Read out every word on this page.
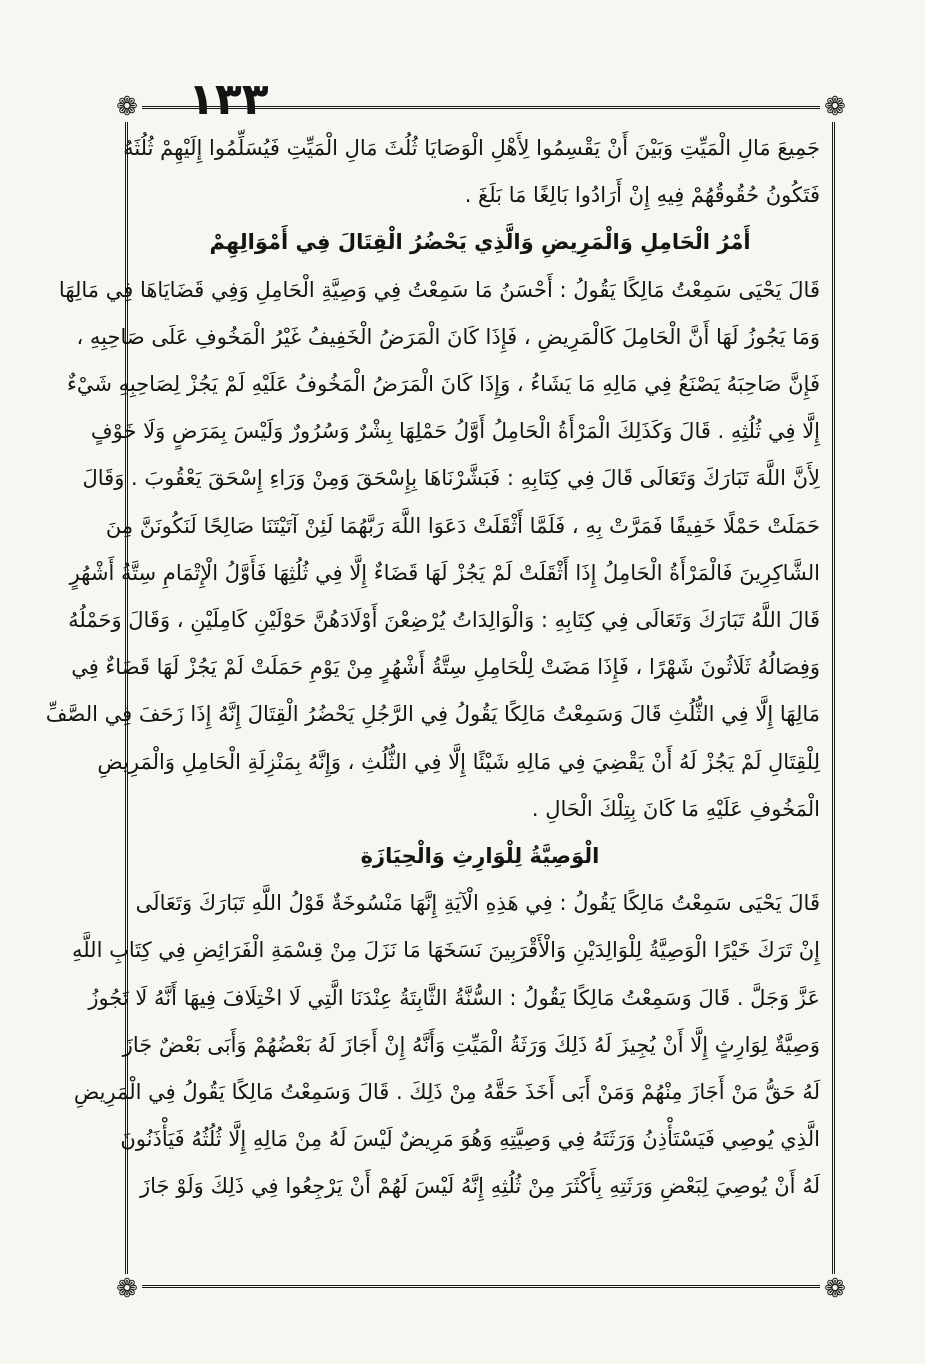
١٣٣
❁	❁
❁	❁
جَمِيعَ مَالِ الْمَيِّتِ وَبَيْنَ أَنْ يَقْسِمُوا لِأَهْلِ الْوَصَايَا ثُلُثَ مَالِ الْمَيِّتِ فَيُسَلِّمُوا إِلَيْهِمْ ثُلُثَهُ
فَتَكُونُ حُقُوقُهُمْ فِيهِ إِنْ أَرَادُوا بَالِغًا مَا بَلَغَ .
أَمْرُ الْحَامِلِ وَالْمَرِيضِ وَالَّذِي يَحْضُرُ الْقِتَالَ فِي أَمْوَالِهِمْ
قَالَ يَحْيَى سَمِعْتُ مَالِكًا يَقُولُ : أَحْسَنُ مَا سَمِعْتُ فِي وَصِيَّةِ الْحَامِلِ وَفِي قَضَايَاهَا فِي مَالِهَا
وَمَا يَجُوزُ لَهَا أَنَّ الْحَامِلَ كَالْمَرِيضِ ، فَإِذَا كَانَ الْمَرَضُ الْخَفِيفُ غَيْرُ الْمَخُوفِ عَلَى صَاحِبِهِ ،
فَإِنَّ صَاحِبَهُ يَصْنَعُ فِي مَالِهِ مَا يَشَاءُ ، وَإِذَا كَانَ الْمَرَضُ الْمَخُوفُ عَلَيْهِ لَمْ يَجُزْ لِصَاحِبِهِ شَيْءٌ
إِلَّا فِي ثُلُثِهِ . قَالَ وَكَذَلِكَ الْمَرْأَةُ الْحَامِلُ أَوَّلُ حَمْلِهَا بِشْرٌ وَسُرُورٌ وَلَيْسَ بِمَرَضٍ وَلَا خَوْفٍ
لِأَنَّ اللَّهَ تَبَارَكَ وَتَعَالَى قَالَ فِي كِتَابِهِ : فَبَشَّرْنَاهَا بِإِسْحَقَ وَمِنْ وَرَاءِ إِسْحَقَ يَعْقُوبَ . وَقَالَ
حَمَلَتْ حَمْلًا خَفِيفًا فَمَرَّتْ بِهِ ، فَلَمَّا أَثْقَلَتْ دَعَوَا اللَّهَ رَبَّهُمَا لَئِنْ آتَيْتَنَا صَالِحًا لَنَكُونَنَّ مِنَ
الشَّاكِرِينَ فَالْمَرْأَةُ الْحَامِلُ إِذَا أَثْقَلَتْ لَمْ يَجُزْ لَهَا قَضَاءٌ إِلَّا فِي ثُلُثِهَا فَأَوَّلُ الْإِتْمَامِ سِتَّةُ أَشْهُرٍ
قَالَ اللَّهُ تَبَارَكَ وَتَعَالَى فِي كِتَابِهِ : وَالْوَالِدَاتُ يُرْضِعْنَ أَوْلَادَهُنَّ حَوْلَيْنِ كَامِلَيْنِ ، وَقَالَ وَحَمْلُهُ
وَفِصَالُهُ ثَلَاثُونَ شَهْرًا ، فَإِذَا مَضَتْ لِلْحَامِلِ سِتَّةُ أَشْهُرٍ مِنْ يَوْمِ حَمَلَتْ لَمْ يَجُزْ لَهَا قَضَاءٌ فِي
مَالِهَا إِلَّا فِي الثُّلُثِ قَالَ وَسَمِعْتُ مَالِكًا يَقُولُ فِي الرَّجُلِ يَحْضُرُ الْقِتَالَ إِنَّهُ إِذَا زَحَفَ فِي الصَّفِّ
لِلْقِتَالِ لَمْ يَجُزْ لَهُ أَنْ يَقْضِيَ فِي مَالِهِ شَيْئًا إِلَّا فِي الثُّلُثِ ، وَإِنَّهُ بِمَنْزِلَةِ الْحَامِلِ وَالْمَرِيضِ
الْمَخُوفِ عَلَيْهِ مَا كَانَ بِتِلْكَ الْحَالِ .
الْوَصِيَّةُ لِلْوَارِثِ وَالْحِيَازَةِ
قَالَ يَحْيَى سَمِعْتُ مَالِكًا يَقُولُ : فِي هَذِهِ الْآيَةِ إِنَّهَا مَنْسُوخَةٌ قَوْلُ اللَّهِ تَبَارَكَ وَتَعَالَى
إِنْ تَرَكَ خَيْرًا الْوَصِيَّةُ لِلْوَالِدَيْنِ وَالْأَقْرَبِينَ نَسَخَهَا مَا نَزَلَ مِنْ قِسْمَةِ الْفَرَائِضِ فِي كِتَابِ اللَّهِ
عَزَّ وَجَلَّ . قَالَ وَسَمِعْتُ مَالِكًا يَقُولُ : السُّنَّةُ الثَّابِتَةُ عِنْدَنَا الَّتِي لَا اخْتِلَافَ فِيهَا أَنَّهُ لَا تَجُوزُ
وَصِيَّةٌ لِوَارِثٍ إِلَّا أَنْ يُجِيزَ لَهُ ذَلِكَ وَرَثَةُ الْمَيِّتِ وَأَنَّهُ إِنْ أَجَازَ لَهُ بَعْضُهُمْ وَأَبَى بَعْضٌ جَازَ
لَهُ حَقُّ مَنْ أَجَازَ مِنْهُمْ وَمَنْ أَبَى أَخَذَ حَقَّهُ مِنْ ذَلِكَ . قَالَ وَسَمِعْتُ مَالِكًا يَقُولُ فِي الْمَرِيضِ
الَّذِي يُوصِي فَيَسْتَأْذِنُ وَرَثَتَهُ فِي وَصِيَّتِهِ وَهُوَ مَرِيضٌ لَيْسَ لَهُ مِنْ مَالِهِ إِلَّا ثُلُثُهُ فَيَأْذَنُونَ
لَهُ أَنْ يُوصِيَ لِبَعْضِ وَرَثَتِهِ بِأَكْثَرَ مِنْ ثُلُثِهِ إِنَّهُ لَيْسَ لَهُمْ أَنْ يَرْجِعُوا فِي ذَلِكَ وَلَوْ جَازَ
